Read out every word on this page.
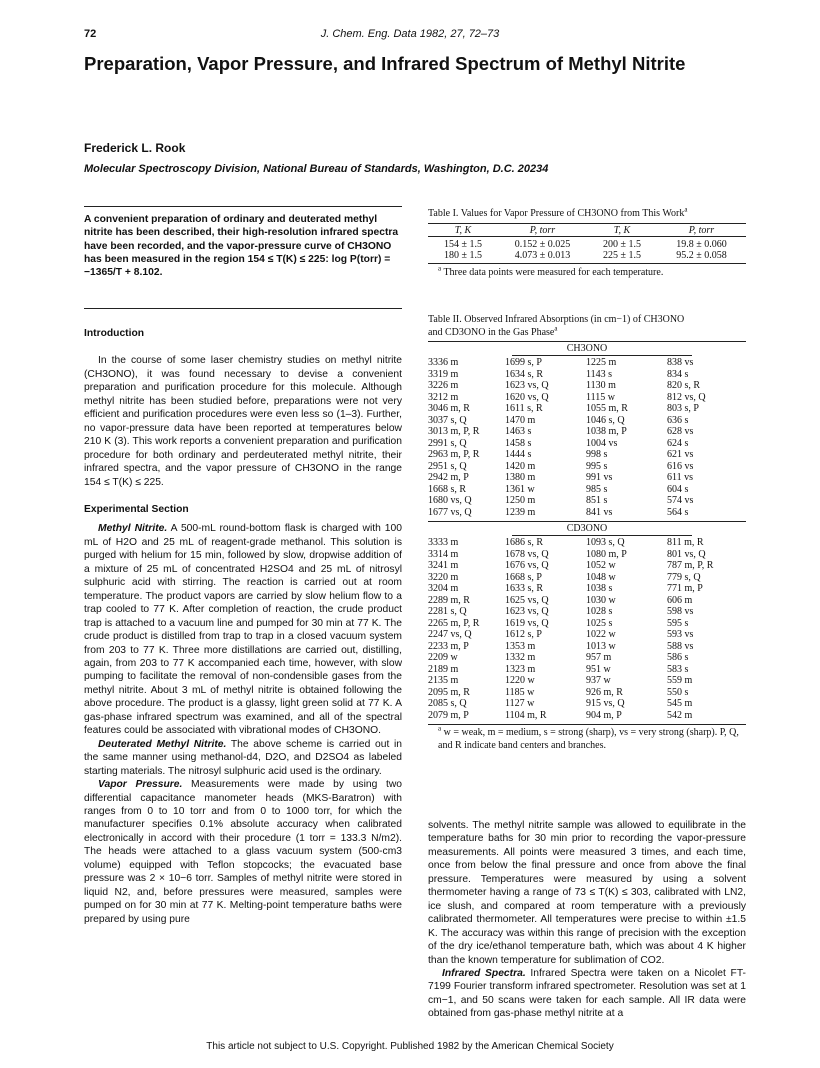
72	J. Chem. Eng. Data 1982, 27, 72–73
Preparation, Vapor Pressure, and Infrared Spectrum of Methyl Nitrite
Frederick L. Rook
Molecular Spectroscopy Division, National Bureau of Standards, Washington, D.C. 20234
A convenient preparation of ordinary and deuterated methyl nitrite has been described, their high-resolution infrared spectra have been recorded, and the vapor-pressure curve of CH3ONO has been measured in the region 154 ≤ T(K) ≤ 225: log P(torr) = −1365/T + 8.102.
Introduction

In the course of some laser chemistry studies on methyl nitrite (CH3ONO), it was found necessary to devise a convenient preparation and purification procedure for this molecule. Although methyl nitrite has been studied before, preparations were not very efficient and purification procedures were even less so (1–3). Further, no vapor-pressure data have been reported at temperatures below 210 K (3). This work reports a convenient preparation and purification procedure for both ordinary and perdeuterated methyl nitrite, their infrared spectra, and the vapor pressure of CH3ONO in the range 154 ≤ T(K) ≤ 225.

Experimental Section

Methyl Nitrite. A 500-mL round-bottom flask is charged with 100 mL of H2O and 25 mL of reagent-grade methanol. This solution is purged with helium for 15 min, followed by slow, dropwise addition of a mixture of 25 mL of concentrated H2SO4 and 25 mL of nitrosyl sulphuric acid with stirring. The reaction is carried out at room temperature. The product vapors are carried by slow helium flow to a trap cooled to 77 K. After completion of reaction, the crude product trap is attached to a vacuum line and pumped for 30 min at 77 K. The crude product is distilled from trap to trap in a closed vacuum system from 203 to 77 K. Three more distillations are carried out, distilling, again, from 203 to 77 K accompanied each time, however, with slow pumping to facilitate the removal of non-condensible gases from the methyl nitrite. About 3 mL of methyl nitrite is obtained following the above procedure. The product is a glassy, light green solid at 77 K. A gas-phase infrared spectrum was examined, and all of the spectral features could be associated with vibrational modes of CH3ONO.

Deuterated Methyl Nitrite. The above scheme is carried out in the same manner using methanol-d4, D2O, and D2SO4 as labeled starting materials. The nitrosyl sulphuric acid used is the ordinary.

Vapor Pressure. Measurements were made by using two differential capacitance manometer heads (MKS-Baratron) with ranges from 0 to 10 torr and from 0 to 1000 torr, for which the manufacturer specifies 0.1% absolute accuracy when calibrated electronically in accord with their procedure (1 torr = 133.3 N/m2). The heads were attached to a glass vacuum system (500-cm3 volume) equipped with Teflon stopcocks; the evacuated base pressure was 2 × 10−6 torr. Samples of methyl nitrite were stored in liquid N2, and, before pressures were measured, samples were pumped on for 30 min at 77 K. Melting-point temperature baths were prepared by using pure

Table I. Values for Vapor Pressure of CH3ONO from This Work$^a$
T, K	P, torr	T, K	P, torr

154 ± 1.5	0.152 ± 0.025	200 ± 1.5	19.8 ± 0.060
180 ± 1.5	4.073 ± 0.013	225 ± 1.5	95.2 ± 0.058
$^a$ Three data points were measured for each temperature.
Table II. Observed Infrared Absorptions (in cm−1) of CH3ONO
and CD3ONO in the Gas Phase$^a$
CH3ONO
3336 m	1699 s, P	1225 m	838 vs
3319 m	1634 s, R	1143 s	834 s
3226 m	1623 vs, Q	1130 m	820 s, R
3212 m	1620 vs, Q	1115 w	812 vs, Q
3046 m, R	1611 s, R	1055 m, R	803 s, P
3037 s, Q	1470 m	1046 s, Q	636 s
3013 m, P, R	1463 s	1038 m, P	628 vs
2991 s, Q	1458 s	1004 vs	624 s
2963 m, P, R	1444 s	998 s	621 vs
2951 s, Q	1420 m	995 s	616 vs
2942 m, P	1380 m	991 vs	611 vs
1668 s, R	1361 w	985 s	604 s
1680 vs, Q	1250 m	851 s	574 vs
1677 vs, Q	1239 m	841 vs	564 s
CD3ONO
3333 m	1686 s, R	1093 s, Q	811 m, R
3314 m	1678 vs, Q	1080 m, P	801 vs, Q
3241 m	1676 vs, Q	1052 w	787 m, P, R
3220 m	1668 s, P	1048 w	779 s, Q
3204 m	1633 s, R	1038 s	771 m, P
2289 m, R	1625 vs, Q	1030 w	606 m
2281 s, Q	1623 vs, Q	1028 s	598 vs
2265 m, P, R	1619 vs, Q	1025 s	595 s
2247 vs, Q	1612 s, P	1022 w	593 vs
2233 m, P	1353 m	1013 w	588 vs
2209 w	1332 m	957 m	586 s
2189 m	1323 m	951 w	583 s
2135 m	1220 w	937 w	559 m
2095 m, R	1185 w	926 m, R	550 s
2085 s, Q	1127 w	915 vs, Q	545 m
2079 m, P	1104 m, R	904 m, P	542 m
$^a$ w = weak, m = medium, s = strong (sharp), vs = very strong (sharp). P, Q, and R indicate band centers and branches.

solvents. The methyl nitrite sample was allowed to equilibrate in the temperature baths for 30 min prior to recording the vapor-pressure measurements. All points were measured 3 times, and each time, once from below the final pressure and once from above the final pressure. Temperatures were measured by using a solvent thermometer having a range of 73 ≤ T(K) ≤ 303, calibrated with LN2, ice slush, and compared at room temperature with a previously calibrated thermometer. All temperatures were precise to within ±1.5 K. The accuracy was within this range of precision with the exception of the dry ice/ethanol temperature bath, which was about 4 K higher than the known temperature for sublimation of CO2.

Infrared Spectra. Infrared Spectra were taken on a Nicolet FT-7199 Fourier transform infrared spectrometer. Resolution was set at 1 cm−1, and 50 scans were taken for each sample. All IR data were obtained from gas-phase methyl nitrite at a

This article not subject to U.S. Copyright. Published 1982 by the American Chemical Society
